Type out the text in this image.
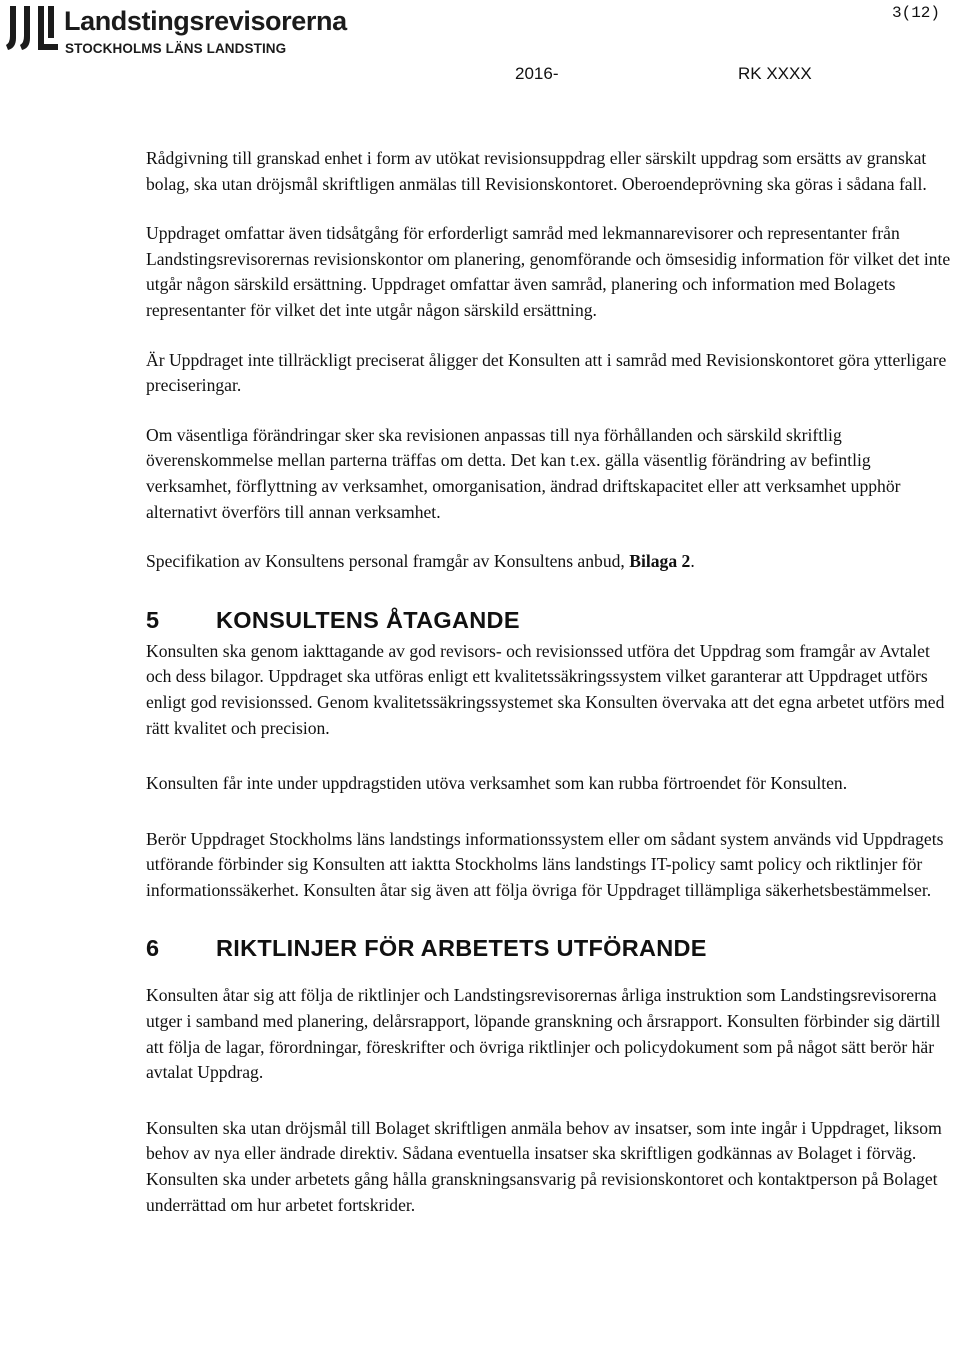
Landstingsrevisorerna
STOCKHOLMS LÄNS LANDSTING
3(12)
2016-	RK XXXX

Rådgivning till granskad enhet i form av utökat revisionsuppdrag eller särskilt uppdrag som ersätts av granskat bolag, ska utan dröjsmål skriftligen anmälas till Revisionskontoret. Oberoendeprövning ska göras i sådana fall.

Uppdraget omfattar även tidsåtgång för erforderligt samråd med lekmannarevisorer och representanter från Landstingsrevisorernas revisionskontor om planering, genomförande och ömsesidig information för vilket det inte utgår någon särskild ersättning. Uppdraget omfattar även samråd, planering och information med Bolagets representanter för vilket det inte utgår någon särskild ersättning.

Är Uppdraget inte tillräckligt preciserat åligger det Konsulten att i samråd med Revisionskontoret göra ytterligare preciseringar.

Om väsentliga förändringar sker ska revisionen anpassas till nya förhållanden och särskild skriftlig överenskommelse mellan parterna träffas om detta. Det kan t.ex. gälla väsentlig förändring av befintlig verksamhet, förflyttning av verksamhet, omorganisation, ändrad driftskapacitet eller att verksamhet upphör alternativt överförs till annan verksamhet.

Specifikation av Konsultens personal framgår av Konsultens anbud, Bilaga 2.

5 KONSULTENS ÅTAGANDE

Konsulten ska genom iakttagande av god revisors- och revisionssed utföra det Uppdrag som framgår av Avtalet och dess bilagor. Uppdraget ska utföras enligt ett kvalitetssäkringssystem vilket garanterar att Uppdraget utförs enligt god revisionssed. Genom kvalitetssäkringssystemet ska Konsulten övervaka att det egna arbetet utförs med rätt kvalitet och precision.

Konsulten får inte under uppdragstiden utöva verksamhet som kan rubba förtroendet för Konsulten.

Berör Uppdraget Stockholms läns landstings informationssystem eller om sådant system används vid Uppdragets utförande förbinder sig Konsulten att iaktta Stockholms läns landstings IT-policy samt policy och riktlinjer för informationssäkerhet. Konsulten åtar sig även att följa övriga för Uppdraget tillämpliga säkerhetsbestämmelser.

6 RIKTLINJER FÖR ARBETETS UTFÖRANDE

Konsulten åtar sig att följa de riktlinjer och Landstingsrevisorernas årliga instruktion som Landstingsrevisorerna utger i samband med planering, delårsrapport, löpande granskning och årsrapport. Konsulten förbinder sig därtill att följa de lagar, förordningar, föreskrifter och övriga riktlinjer och policydokument som på något sätt berör här avtalat Uppdrag.

Konsulten ska utan dröjsmål till Bolaget skriftligen anmäla behov av insatser, som inte ingår i Uppdraget, liksom behov av nya eller ändrade direktiv. Sådana eventuella insatser ska skriftligen godkännas av Bolaget i förväg. Konsulten ska under arbetets gång hålla granskningsansvarig på revisionskontoret och kontaktperson på Bolaget underrättad om hur arbetet fortskrider.
